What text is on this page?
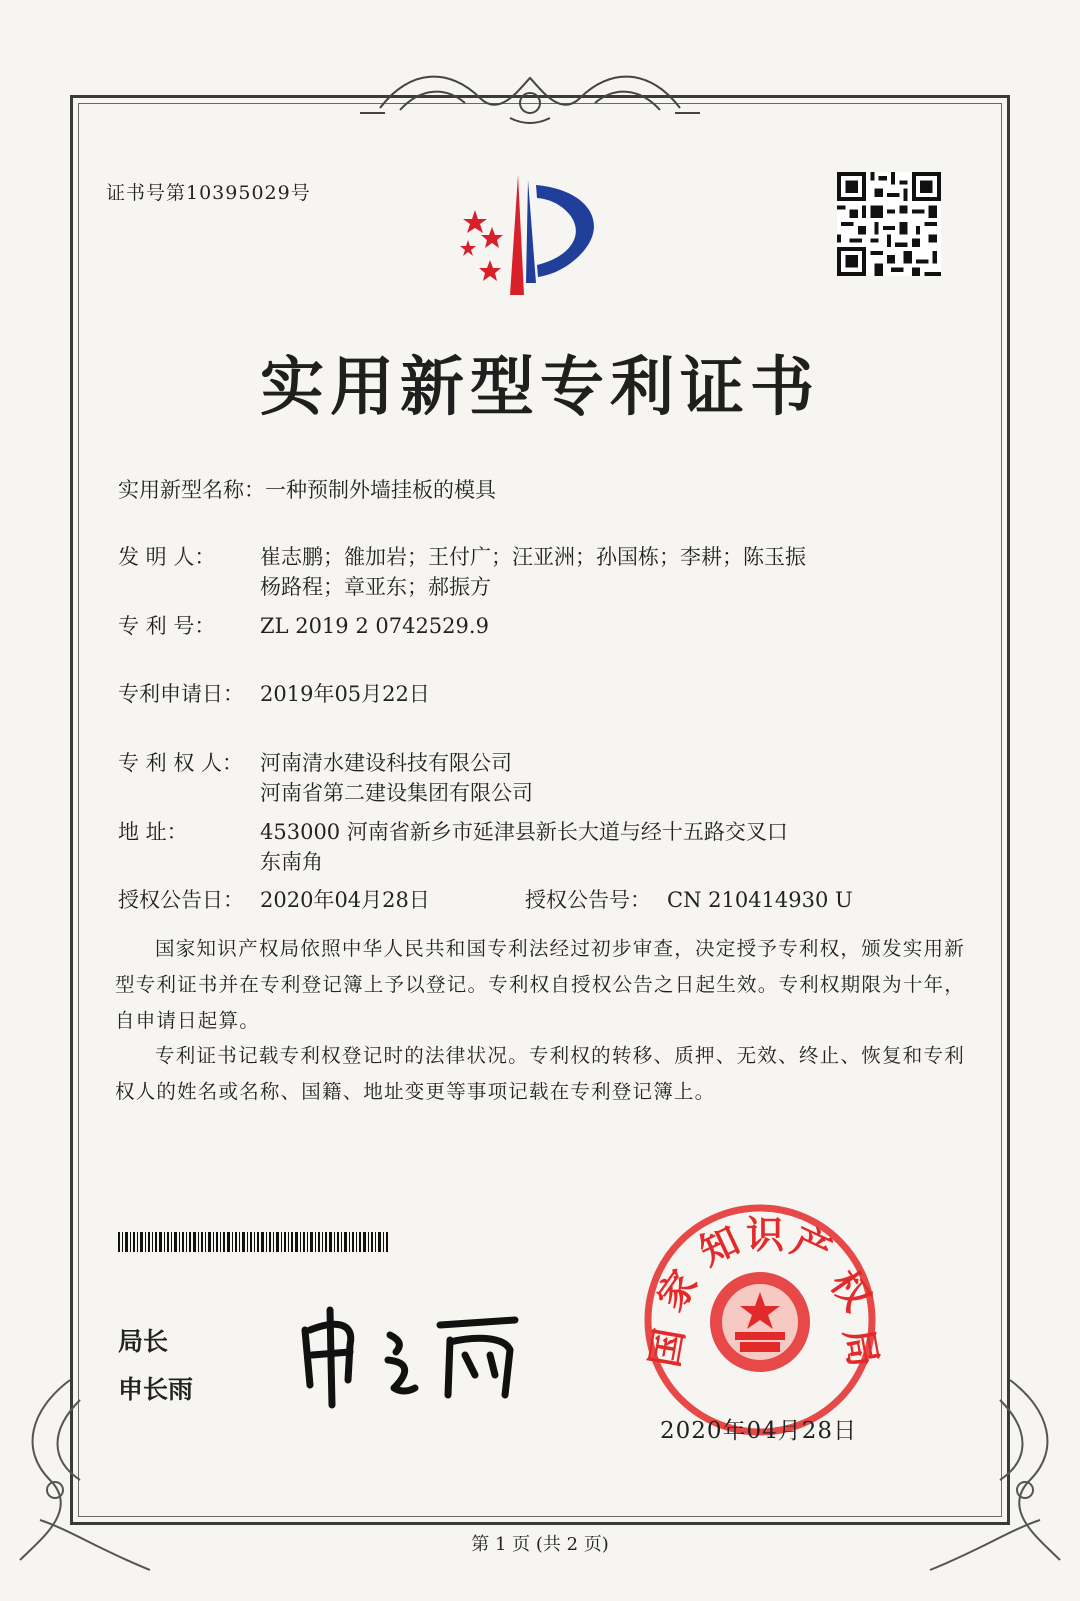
证书号第10395029号
实用新型专利证书
实用新型名称：一种预制外墙挂板的模具
发 明 人： 崔志鹏；雒加岩；王付广；汪亚洲；孙国栋；李耕；陈玉振
杨路程；章亚东；郝振方
专 利 号： ZL 2019 2 0742529.9
专利申请日： 2019年05月22日
专 利 权 人： 河南清水建设科技有限公司
河南省第二建设集团有限公司
地 址：	453000 河南省新乡市延津县新长大道与经十五路交叉口
东南角
授权公告日： 2020年04月28日	授权公告号： CN 210414930 U
国家知识产权局依照中华人民共和国专利法经过初步审查，决定授予专利权，颁发实用新型专利证书并在专利登记簿上予以登记。专利权自授权公告之日起生效。专利权期限为十年，自申请日起算。
专利证书记载专利权登记时的法律状况。专利权的转移、质押、无效、终止、恢复和专利权人的姓名或名称、国籍、地址变更等事项记载在专利登记簿上。
局长
申长雨
国
家
知 识 产
权
局
2020年04月28日
第 1 页 (共 2 页)
